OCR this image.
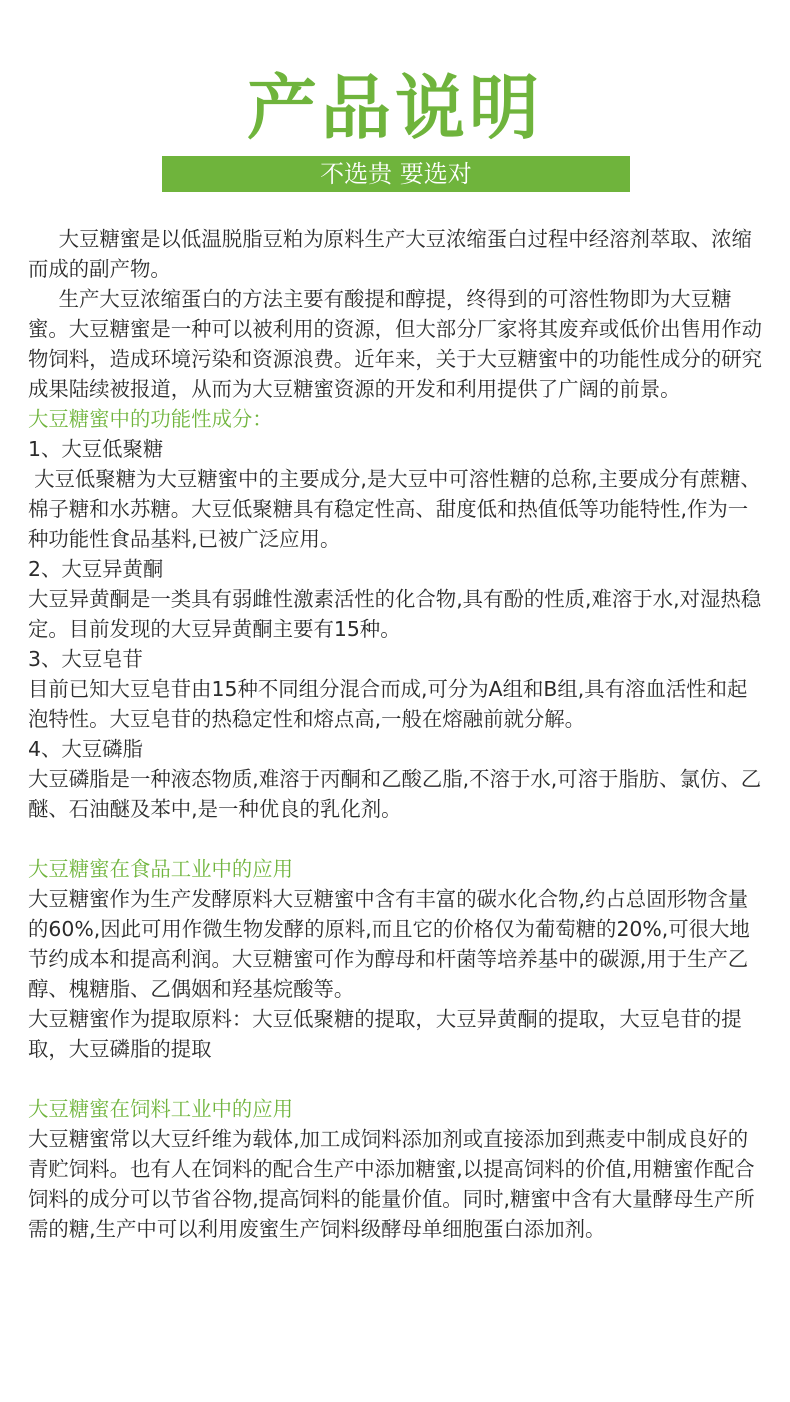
产品说明
不选贵 要选对

大豆糖蜜是以低温脱脂豆粕为原料生产大豆浓缩蛋白过程中经溶剂萃取、浓缩而成的副产物。

生产大豆浓缩蛋白的方法主要有酸提和醇提，终得到的可溶性物即为大豆糖蜜。大豆糖蜜是一种可以被利用的资源，但大部分厂家将其废弃或低价出售用作动物饲料，造成环境污染和资源浪费。近年来，关于大豆糖蜜中的功能性成分的研究成果陆续被报道，从而为大豆糖蜜资源的开发和利用提供了广阔的前景。

大豆糖蜜中的功能性成分：

1、大豆低聚糖

大豆低聚糖为大豆糖蜜中的主要成分,是大豆中可溶性糖的总称,主要成分有蔗糖、棉子糖和水苏糖。大豆低聚糖具有稳定性高、甜度低和热值低等功能特性,作为一种功能性食品基料,已被广泛应用。

2、大豆异黄酮

大豆异黄酮是一类具有弱雌性激素活性的化合物,具有酚的性质,难溶于水,对湿热稳定。目前发现的大豆异黄酮主要有15种。

3、大豆皂苷

目前已知大豆皂苷由15种不同组分混合而成,可分为A组和B组,具有溶血活性和起泡特性。大豆皂苷的热稳定性和熔点高,一般在熔融前就分解。

4、大豆磷脂

大豆磷脂是一种液态物质,难溶于丙酮和乙酸乙脂,不溶于水,可溶于脂肪、氯仿、乙醚、石油醚及苯中,是一种优良的乳化剂。

大豆糖蜜在食品工业中的应用

大豆糖蜜作为生产发酵原料大豆糖蜜中含有丰富的碳水化合物,约占总固形物含量的60%,因此可用作微生物发酵的原料,而且它的价格仅为葡萄糖的20%,可很大地节约成本和提高利润。大豆糖蜜可作为醇母和杆菌等培养基中的碳源,用于生产乙醇、槐糖脂、乙偶姻和羟基烷酸等。

大豆糖蜜作为提取原料：大豆低聚糖的提取，大豆异黄酮的提取，大豆皂苷的提取，大豆磷脂的提取

大豆糖蜜在饲料工业中的应用

大豆糖蜜常以大豆纤维为载体,加工成饲料添加剂或直接添加到燕麦中制成良好的青贮饲料。也有人在饲料的配合生产中添加糖蜜,以提高饲料的价值,用糖蜜作配合饲料的成分可以节省谷物,提高饲料的能量价值。同时,糖蜜中含有大量酵母生产所需的糖,生产中可以利用废蜜生产饲料级酵母单细胞蛋白添加剂。
